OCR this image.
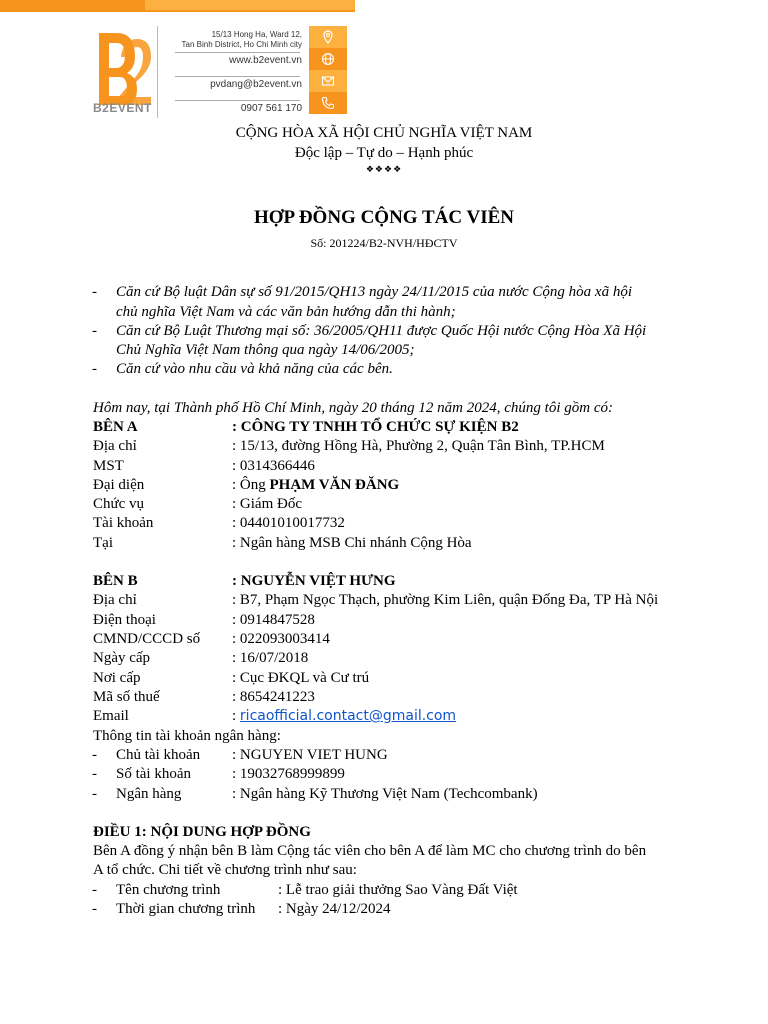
B2EVENT
15/13 Hong Ha, Ward 12,
Tan Binh District, Ho Chi Minh city
www.b2event.vn
pvdang@b2event.vn
0907 561 170
CỘNG HÒA XÃ HỘI CHỦ NGHĨA VIỆT NAM
Độc lập – Tự do – Hạnh phúc
❖❖❖❖
HỢP ĐỒNG CỘNG TÁC VIÊN
Số: 201224/B2-NVH/HĐCTV
- Căn cứ Bộ luật Dân sự số 91/2015/QH13 ngày 24/11/2015 của nước Cộng hòa xã hội
chủ nghĩa Việt Nam và các văn bản hướng dẫn thi hành;
- Căn cứ Bộ Luật Thương mại số: 36/2005/QH11 được Quốc Hội nước Cộng Hòa Xã Hội
Chủ Nghĩa Việt Nam thông qua ngày 14/06/2005;
- Căn cứ vào nhu cầu và khả năng của các bên.
Hôm nay, tại Thành phố Hồ Chí Minh, ngày 20 tháng 12 năm 2024, chúng tôi gồm có:
BÊN A	: CÔNG TY TNHH TỔ CHỨC SỰ KIỆN B2
Địa chỉ	: 15/13, đường Hồng Hà, Phường 2, Quận Tân Bình, TP.HCM
MST	: 0314366446
Đại diện	: Ông PHẠM VĂN ĐĂNG
Chức vụ	: Giám Đốc
Tài khoản	: 04401010017732
Tại	: Ngân hàng MSB Chi nhánh Cộng Hòa
BÊN B	: NGUYỄN VIỆT HƯNG
Địa chỉ	: B7, Phạm Ngọc Thạch, phường Kim Liên, quận Đống Đa, TP Hà Nội
Điện thoại	: 0914847528
CMND/CCCD số : 022093003414
Ngày cấp	: 16/07/2018
Nơi cấp	: Cục ĐKQL và Cư trú
Mã số thuế	: 8654241223
Email	: ricaofficial.contact@gmail.com
Thông tin tài khoản ngân hàng:
- Chủ tài khoản : NGUYEN VIET HUNG
- Số tài khoản	: 19032768999899
- Ngân hàng	: Ngân hàng Kỹ Thương Việt Nam (Techcombank)
ĐIỀU 1: NỘI DUNG HỢP ĐỒNG
Bên A đồng ý nhận bên B làm Cộng tác viên cho bên A để làm MC cho chương trình do bên
A tổ chức. Chi tiết về chương trình như sau:
- Tên chương trình	: Lễ trao giải thưởng Sao Vàng Đất Việt
- Thời gian chương trình : Ngày 24/12/2024
